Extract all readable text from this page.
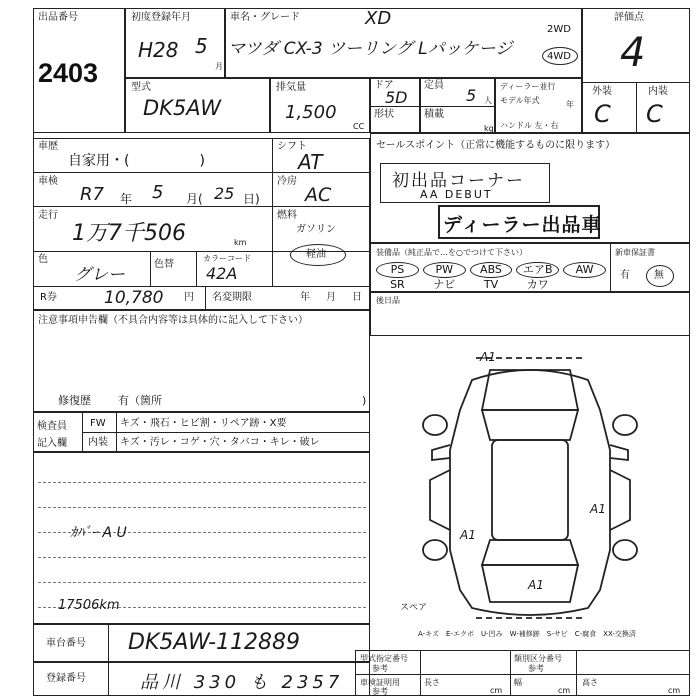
出品番号
2403
初度登録年月
H28 5
月
車名・グレード	XD
マツダ CX-3 ツーリング Lパッケージ
2WD
4WD
評価点
4
外装	内装
C C
型式
DK5AW
排気量
1,500
CC
ドア
5D
形状
定員
5 人
積載
kg
ディーラー並行
モデル年式	年
ハンドル 左・右
車歴
自家用・(　　　　　)
シフト
AT
車検
R7 年 5 月( 25 日)
冷房
AC
走行
1万7千506	km
燃料
ガソリン
軽油
色
グレー
色替
カラーコード
42A
R券	10,780 円 名変期限	年 月 日
セールスポイント（正常に機能するものに限ります）
初出品コーナー
AA DEBUT
ディーラー出品車
装備品（純正品で…を○でつけて下さい）	新車保証書
PS	PW	ABS	エアB	AW
SR	ナビ	TV	カワ
有 無
後日品
注意事項申告欄（不具合内容等は具体的に記入して下さい）
修復歴 有（箇所	)
検査員記入欄
FW キズ・飛石・ヒビ割・リペア跡・X要
内装 キズ・汚レ・コゲ・穴・タバコ・キレ・破レ
ｶﾊﾞｰ A U
17506km	スペア
A1
A1
A1
A1
A-キズ　E-エクボ　U-凹み　W-補修跡　S-サビ　C-腐食　XX-交換済
車台番号 DK5AW-112889
登録番号	品川 330 も 2357
型式指定番号
参考
類別区分番号
参考
車検証明用
参考
長さ
cm
幅
cm
高さ
cm
